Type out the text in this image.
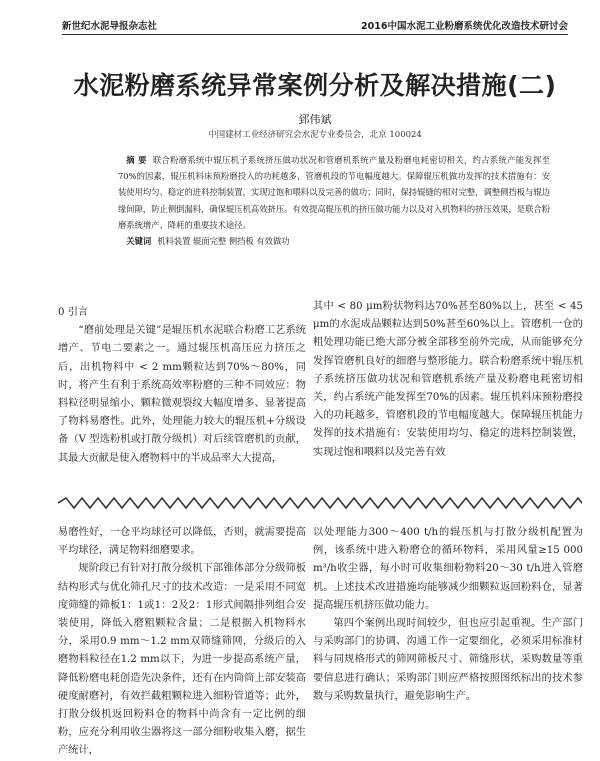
新世纪水泥导报杂志社	2016中国水泥工业粉磨系统优化改造技术研讨会
水泥粉磨系统异常案例分析及解决措施(二)
郅伟斌
中国建材工业经济研究会水泥专业委员会，北京 100024

摘 要 联合粉磨系统中辊压机子系统挤压做功状况和管磨机系统产量及粉磨电耗密切相关，约占系统产能发挥至70%的因素，辊压机料床预粉磨投入的功耗越多，管磨机段的节电幅度越大。保障辊压机做功发挥的技术措施有：安装使用均匀、稳定的进料控制装置，实现过饱和喂料以及完善的做功；同时，保持辊缝的相对完整，调整侧挡板与辊边缘间隙，防止侧倒漏料，确保辊压机高效挤压。有效提高辊压机的挤压做功能力以及对入机物料的挤压效果，是联合粉磨系统增产、降耗的重要技术途径。

关键词 机料装置 辊面完整 侧挡板 有效做功

0 引言

“磨前处理是关键”是辊压机水泥联合粉磨工艺系统增产、节电二要素之一。通过辊压机高压应力挤压之后，出机物料中 < 2 mm颗粒达到70%～80%，同时，将产生有利于系统高效率粉磨的三种不同效应：物料粒径明显缩小、颗粒微观裂纹大幅度增多、显著提高了物料易磨性。此外，处理能力较大的辊压机+分级设备（V 型选粉机或打散分级机）对后续管磨机的贡献，其最大贡献是使入磨物料中的半成品率大大提高，

其中 < 80 μm粉状物料达70%甚至80%以上，甚至 < 45 μm的水泥成品颗粒达到50%甚至60%以上。管磨机一仓的粗处理功能已绝大部分被全部移至前外完成，从而能够充分发挥管磨机良好的细磨与整形能力。联合粉磨系统中辊压机子系统挤压做功状况和管磨机系统产量及粉磨电耗密切相关，约占系统产能发挥至70%的因素。辊压机料床预粉磨投入的功耗越多，管磨机段的节电幅度越大。保障辊压机能力发挥的技术措施有：安装使用均匀、稳定的进料控制装置，实现过饱和喂料以及完善有效

易磨性好，一仓平均球径可以降低，否则，就需要提高平均球径，满足物料细磨要求。

规阶段已有针对打散分级机下部锥体部分分级筛板结构形式与优化筛孔尺寸的技术改造：一是采用不同宽度筛缝的筛板1：1或1：2及2：1形式间隔排列组合安装使用，降低入磨粗颗粒含量；二是根据入机物料水分，采用0.9 mm～1.2 mm双筛缝筛网，分级后的入磨物料粒径在1.2 mm以下，为进一步提高系统产量，降低粉磨电耗创造先决条件，还有在内筒筒上部安装高硬度耐磨衬，有效拦截粗颗粒进入细粉管道等；此外，打散分级机返回粉料仓的物料中尚含有一定比例的细粉，应充分利用收尘器将这一部分细粉收集入磨，据生产统计，

以处理能力300～400 t/h的辊压机与打散分级机配置为例，该系统中进入粉磨仓的循环物料，采用风量≥15 000 m³/h收尘器，每小时可收集细粉物料20～30 t/h进入管磨机。上述技术改进措施均能够减少细颗粒返回粉料仓，显著提高辊压机挤压做功能力。

第四个案例出现时间较少，但也应引起重视。生产部门与采购部门的协调、沟通工作一定要细化，必须采用标准材料与同规格形式的筛网筛板尺寸、筛缝形状，采购数量等重要信息进行确认；采购部门则应严格按照图纸标出的技术参数与采购数量执行，避免影响生产。
